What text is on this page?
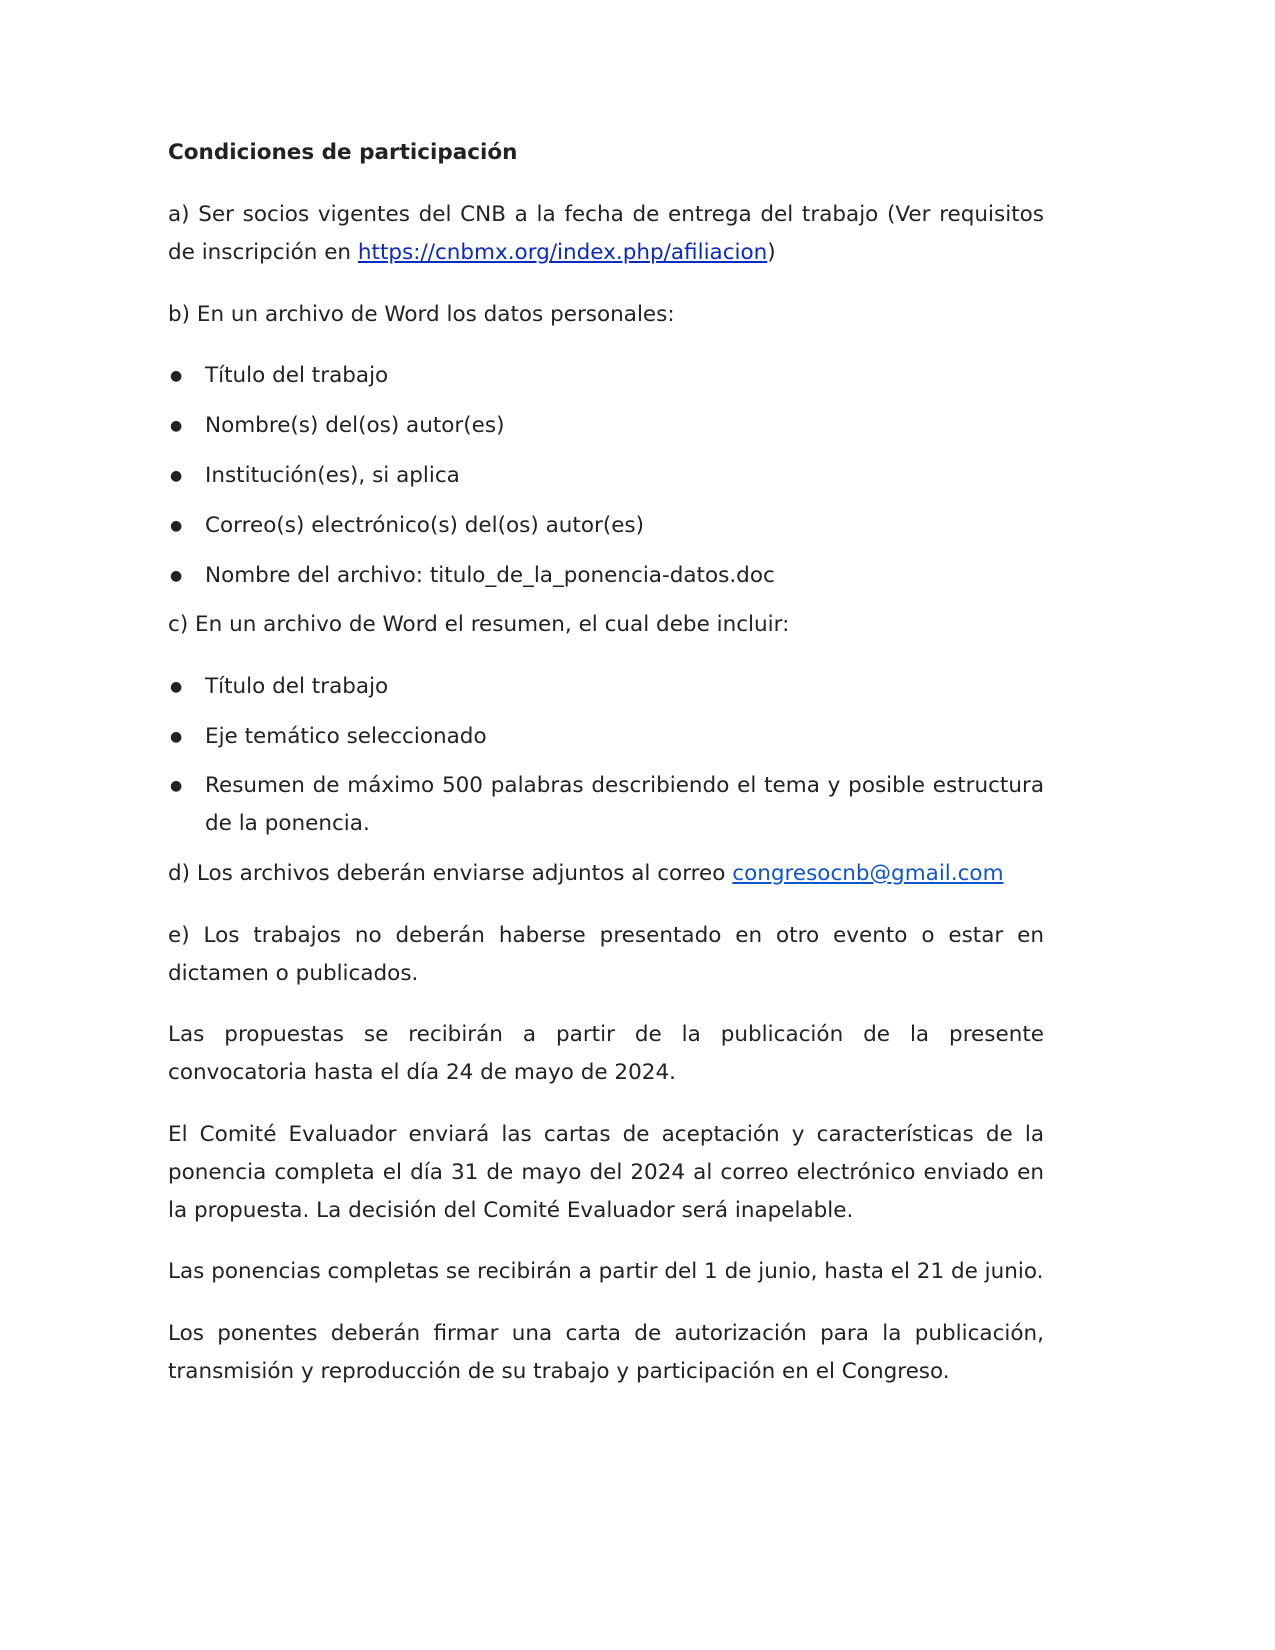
Condiciones de participación

a) Ser socios vigentes del CNB a la fecha de entrega del trabajo (Ver requisitos de inscripción en https://cnbmx.org/index.php/afiliacion)

b) En un archivo de Word los datos personales:

●	Título del trabajo
●	Nombre(s) del(os) autor(es)
●	Institución(es), si aplica
●	Correo(s) electrónico(s) del(os) autor(es)
●	Nombre del archivo: titulo_de_la_ponencia-datos.doc

c) En un archivo de Word el resumen, el cual debe incluir:

●	Título del trabajo
●	Eje temático seleccionado
●	Resumen de máximo 500 palabras describiendo el tema y posible estructura de la ponencia.

d) Los archivos deberán enviarse adjuntos al correo congresocnb@gmail.com

e) Los trabajos no deberán haberse presentado en otro evento o estar en dictamen o publicados.

Las propuestas se recibirán a partir de la publicación de la presente convocatoria hasta el día 24 de mayo de 2024.

El Comité Evaluador enviará las cartas de aceptación y características de la ponencia completa el día 31 de mayo del 2024 al correo electrónico enviado en la propuesta. La decisión del Comité Evaluador será inapelable.

Las ponencias completas se recibirán a partir del 1 de junio, hasta el 21 de junio.

Los ponentes deberán firmar una carta de autorización para la publicación, transmisión y reproducción de su trabajo y participación en el Congreso.
